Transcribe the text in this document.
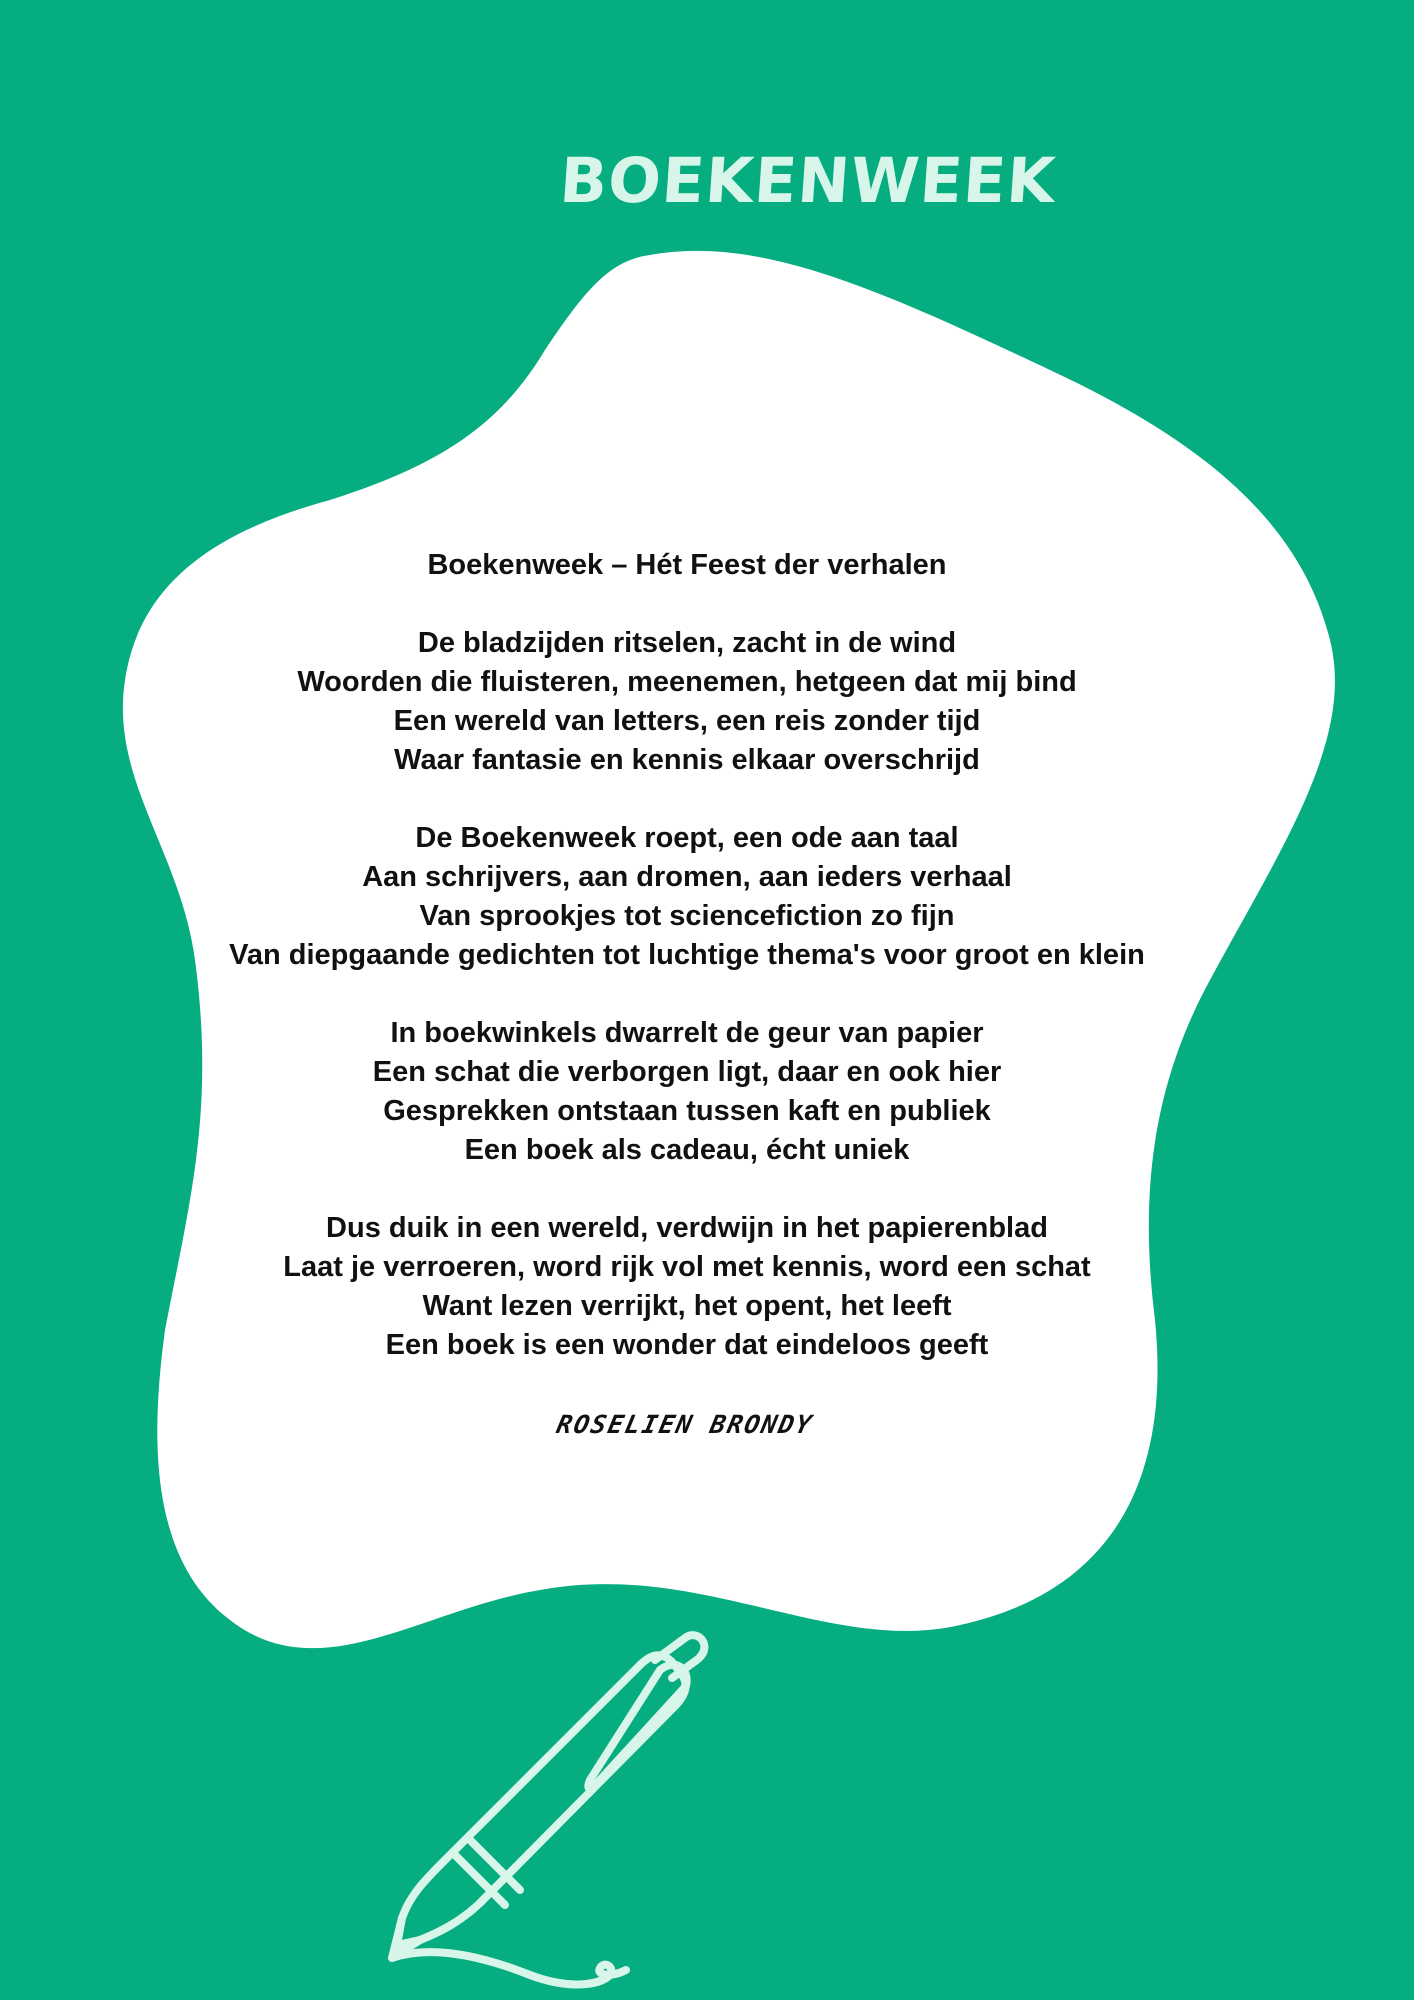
BOEKENWEEK
Boekenweek – Hét Feest der verhalen
De bladzijden ritselen, zacht in de wind
Woorden die fluisteren, meenemen, hetgeen dat mij bind
Een wereld van letters, een reis zonder tijd
Waar fantasie en kennis elkaar overschrijd
De Boekenweek roept, een ode aan taal
Aan schrijvers, aan dromen, aan ieders verhaal
Van sprookjes tot sciencefiction zo fijn
Van diepgaande gedichten tot luchtige thema's voor groot en klein
In boekwinkels dwarrelt de geur van papier
Een schat die verborgen ligt, daar en ook hier
Gesprekken ontstaan tussen kaft en publiek
Een boek als cadeau, écht uniek
Dus duik in een wereld, verdwijn in het papierenblad
Laat je verroeren, word rijk vol met kennis, word een schat
Want lezen verrijkt, het opent, het leeft
Een boek is een wonder dat eindeloos geeft
ROSELIEN BRONDY
